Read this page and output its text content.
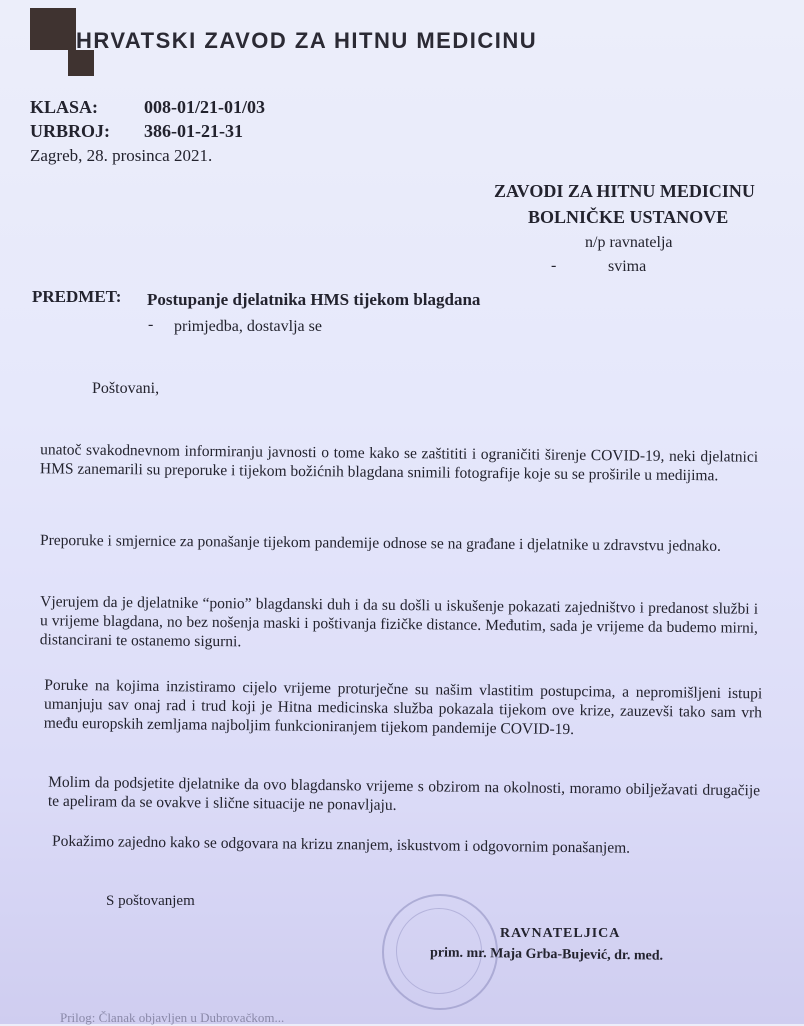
HRVATSKI ZAVOD ZA HITNU MEDICINU
KLASA:	008-01/21-01/03
URBROJ: 386-01-21-31
Zagreb, 28. prosinca 2021.
ZAVODI ZA HITNU MEDICINU
BOLNIČKE USTANOVE
n/p ravnatelja
-	svima
PREDMET: Postupanje djelatnika HMS tijekom blagdana
- primjedba, dostavlja se
Poštovani,
unatoč svakodnevnom informiranju javnosti o tome kako se zaštititi i ograničiti širenje COVID-19, neki djelatnici HMS zanemarili su preporuke i tijekom božićnih blagdana snimili fotografije koje su se proširile u medijima.
Preporuke i smjernice za ponašanje tijekom pandemije odnose se na građane i djelatnike u zdravstvu jednako.
Vjerujem da je djelatnike “ponio” blagdanski duh i da su došli u iskušenje pokazati zajedništvo i predanost službi i u vrijeme blagdana, no bez nošenja maski i poštivanja fizičke distance. Međutim, sada je vrijeme da budemo mirni, distancirani te ostanemo sigurni.
Poruke na kojima inzistiramo cijelo vrijeme proturječne su našim vlastitim postupcima, a nepromišljeni istupi umanjuju sav onaj rad i trud koji je Hitna medicinska služba pokazala tijekom ove krize, zauzevši tako sam vrh među europskih zemljama najboljim funkcioniranjem tijekom pandemije COVID-19.
Molim da podsjetite djelatnike da ovo blagdansko vrijeme s obzirom na okolnosti, moramo obilježavati drugačije te apeliram da se ovakve i slične situacije ne ponavljaju.
Pokažimo zajedno kako se odgovara na krizu znanjem, iskustvom i odgovornim ponašanjem.
S poštovanjem
RAVNATELJICA
prim. mr. Maja Grba-Bujević, dr. med.
Prilog: Članak objavljen u Dubrovačkom...
